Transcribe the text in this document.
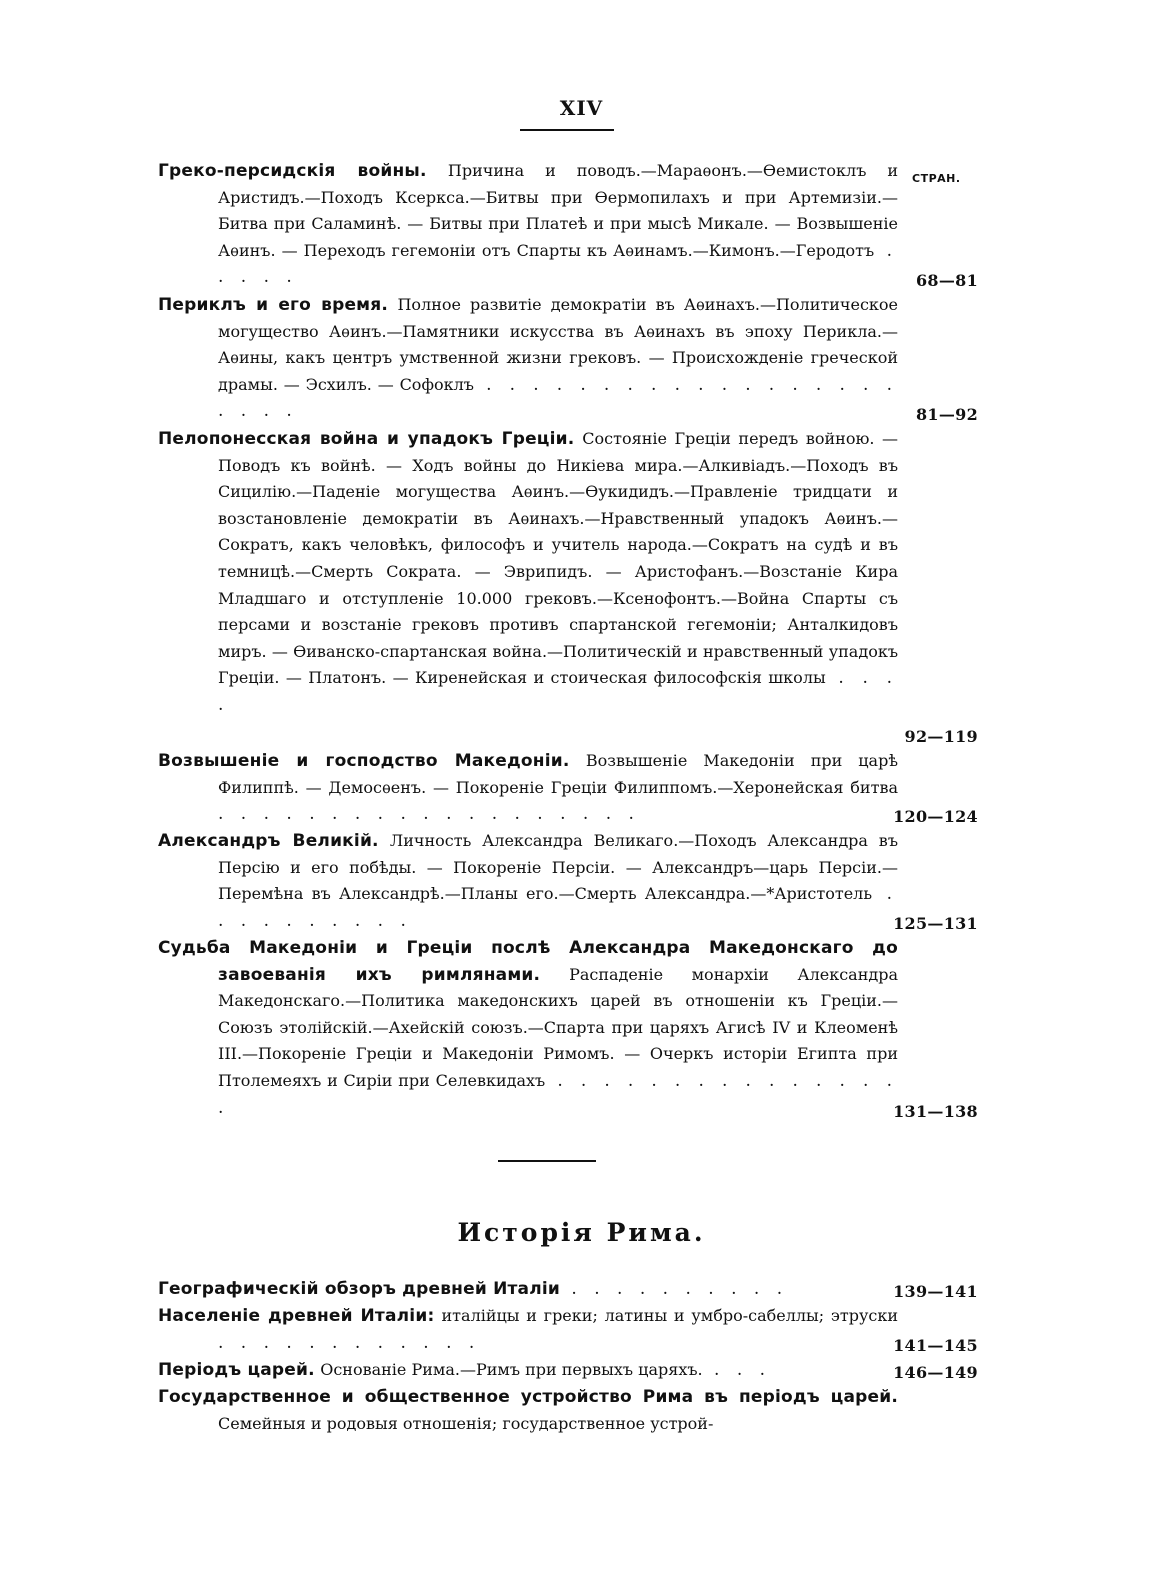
XIV
СТРАН.
Греко-персидскія войны. Причина и поводъ.—Мараѳонъ.—Ѳемистоклъ и Аристидъ.—Походъ Ксеркса.—Битвы при Ѳермопилахъ и при Артемизіи.—Битва при Саламинѣ. — Битвы при Платеѣ и при мысѣ Микале. — Возвышеніе Аѳинъ. — Переходъ гегемоніи отъ Спарты къ Аѳинамъ.—Кимонъ.—Геродотъ . . . . .	68—81
Периклъ и его время. Полное развитіе демократіи въ Аѳинахъ.—Политическое могущество Аѳинъ.—Памятники искусства въ Аѳинахъ въ эпоху Перикла.—Аѳины, какъ центръ умственной жизни грековъ. — Происхожденіе греческой драмы. — Эсхилъ. — Софоклъ . . . . . . . . . . . . . . . . . . . . . .	81—92
Пелопонесская война и упадокъ Греціи. Состояніе Греціи передъ войною. — Поводъ къ войнѣ. — Ходъ войны до Никіева мира.—Алкивіадъ.—Походъ въ Сицилію.—Паденіе могущества Аѳинъ.—Ѳукидидъ.—Правленіе тридцати и возстановленіе демократіи въ Аѳинахъ.—Нравственный упадокъ Аѳинъ.—Сократъ, какъ человѣкъ, философъ и учитель народа.—Сократъ на судѣ и въ темницѣ.—Смерть Сократа. — Эврипидъ. — Аристофанъ.—Возстаніе Кира Младшаго и отступленіе 10.000 грековъ.—Ксенофонтъ.—Война Спарты съ персами и возстаніе грековъ противъ спартанской гегемоніи; Анталкидовъ миръ. — Ѳиванско-спартанская война.—Политическій и нравственный упадокъ Греціи. — Платонъ. — Киренейская и стоическая философскія школы . . . .
92—119
Возвышеніе и господство Македоніи. Возвышеніе Македоніи при царѣ Филиппѣ. — Демосѳенъ. — Покореніе Греціи Филиппомъ.—Херонейская битва . . . . . . . . . . . . . . . . . . .	120—124
Александръ Великій. Личность Александра Великаго.—Походъ Александра въ Персію и его побѣды. — Покореніе Персіи. — Александръ—царь Персіи.—Перемѣна въ Александрѣ.—Планы его.—Смерть Александра.—*Аристотель . . . . . . . . . .	125—131
Судьба Македоніи и Греціи послѣ Александра Македонскаго до завоеванія ихъ римлянами. Распаденіе монархіи Александра Македонскаго.—Политика македонскихъ царей въ отношеніи къ Греціи.—Союзъ этолійскій.—Ахейскій союзъ.—Спарта при царяхъ Агисѣ IV и Клеоменѣ III.—Покореніе Греціи и Македоніи Римомъ. — Очеркъ исторіи Египта при Птолемеяхъ и Сиріи при Селевкидахъ . . . . . . . . . . . . . . . .	131—138
Исторія Рима.
Географическій обзоръ древней Италіи . . . . . . . . . .	139—141
Населеніе древней Италіи: италійцы и греки; латины и умбро-сабеллы; этруски . . . . . . . . . . . .	141—145
Періодъ царей. Основаніе Рима.—Римъ при первыхъ царяхъ. . . .	146—149
Государственное и общественное устройство Рима въ періодъ царей. Семейныя и родовыя отношенія; государственное устрой-
